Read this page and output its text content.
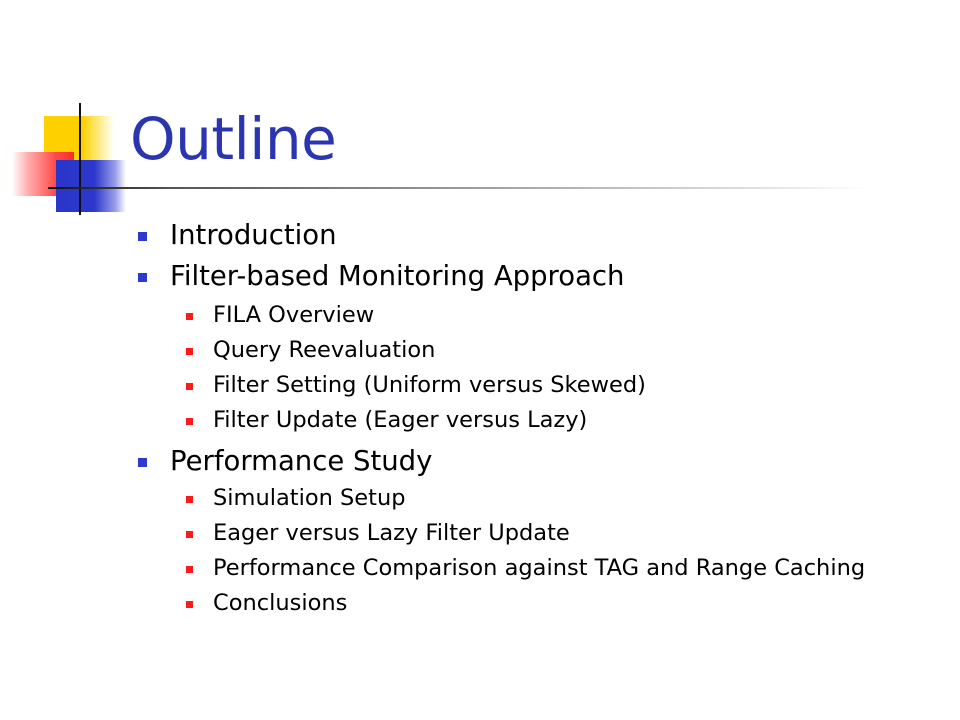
Outline
Introduction
Filter-based Monitoring Approach
FILA Overview
Query Reevaluation
Filter Setting (Uniform versus Skewed)
Filter Update (Eager versus Lazy)
Performance Study
Simulation Setup
Eager versus Lazy Filter Update
Performance Comparison against TAG and Range Caching
Conclusions
